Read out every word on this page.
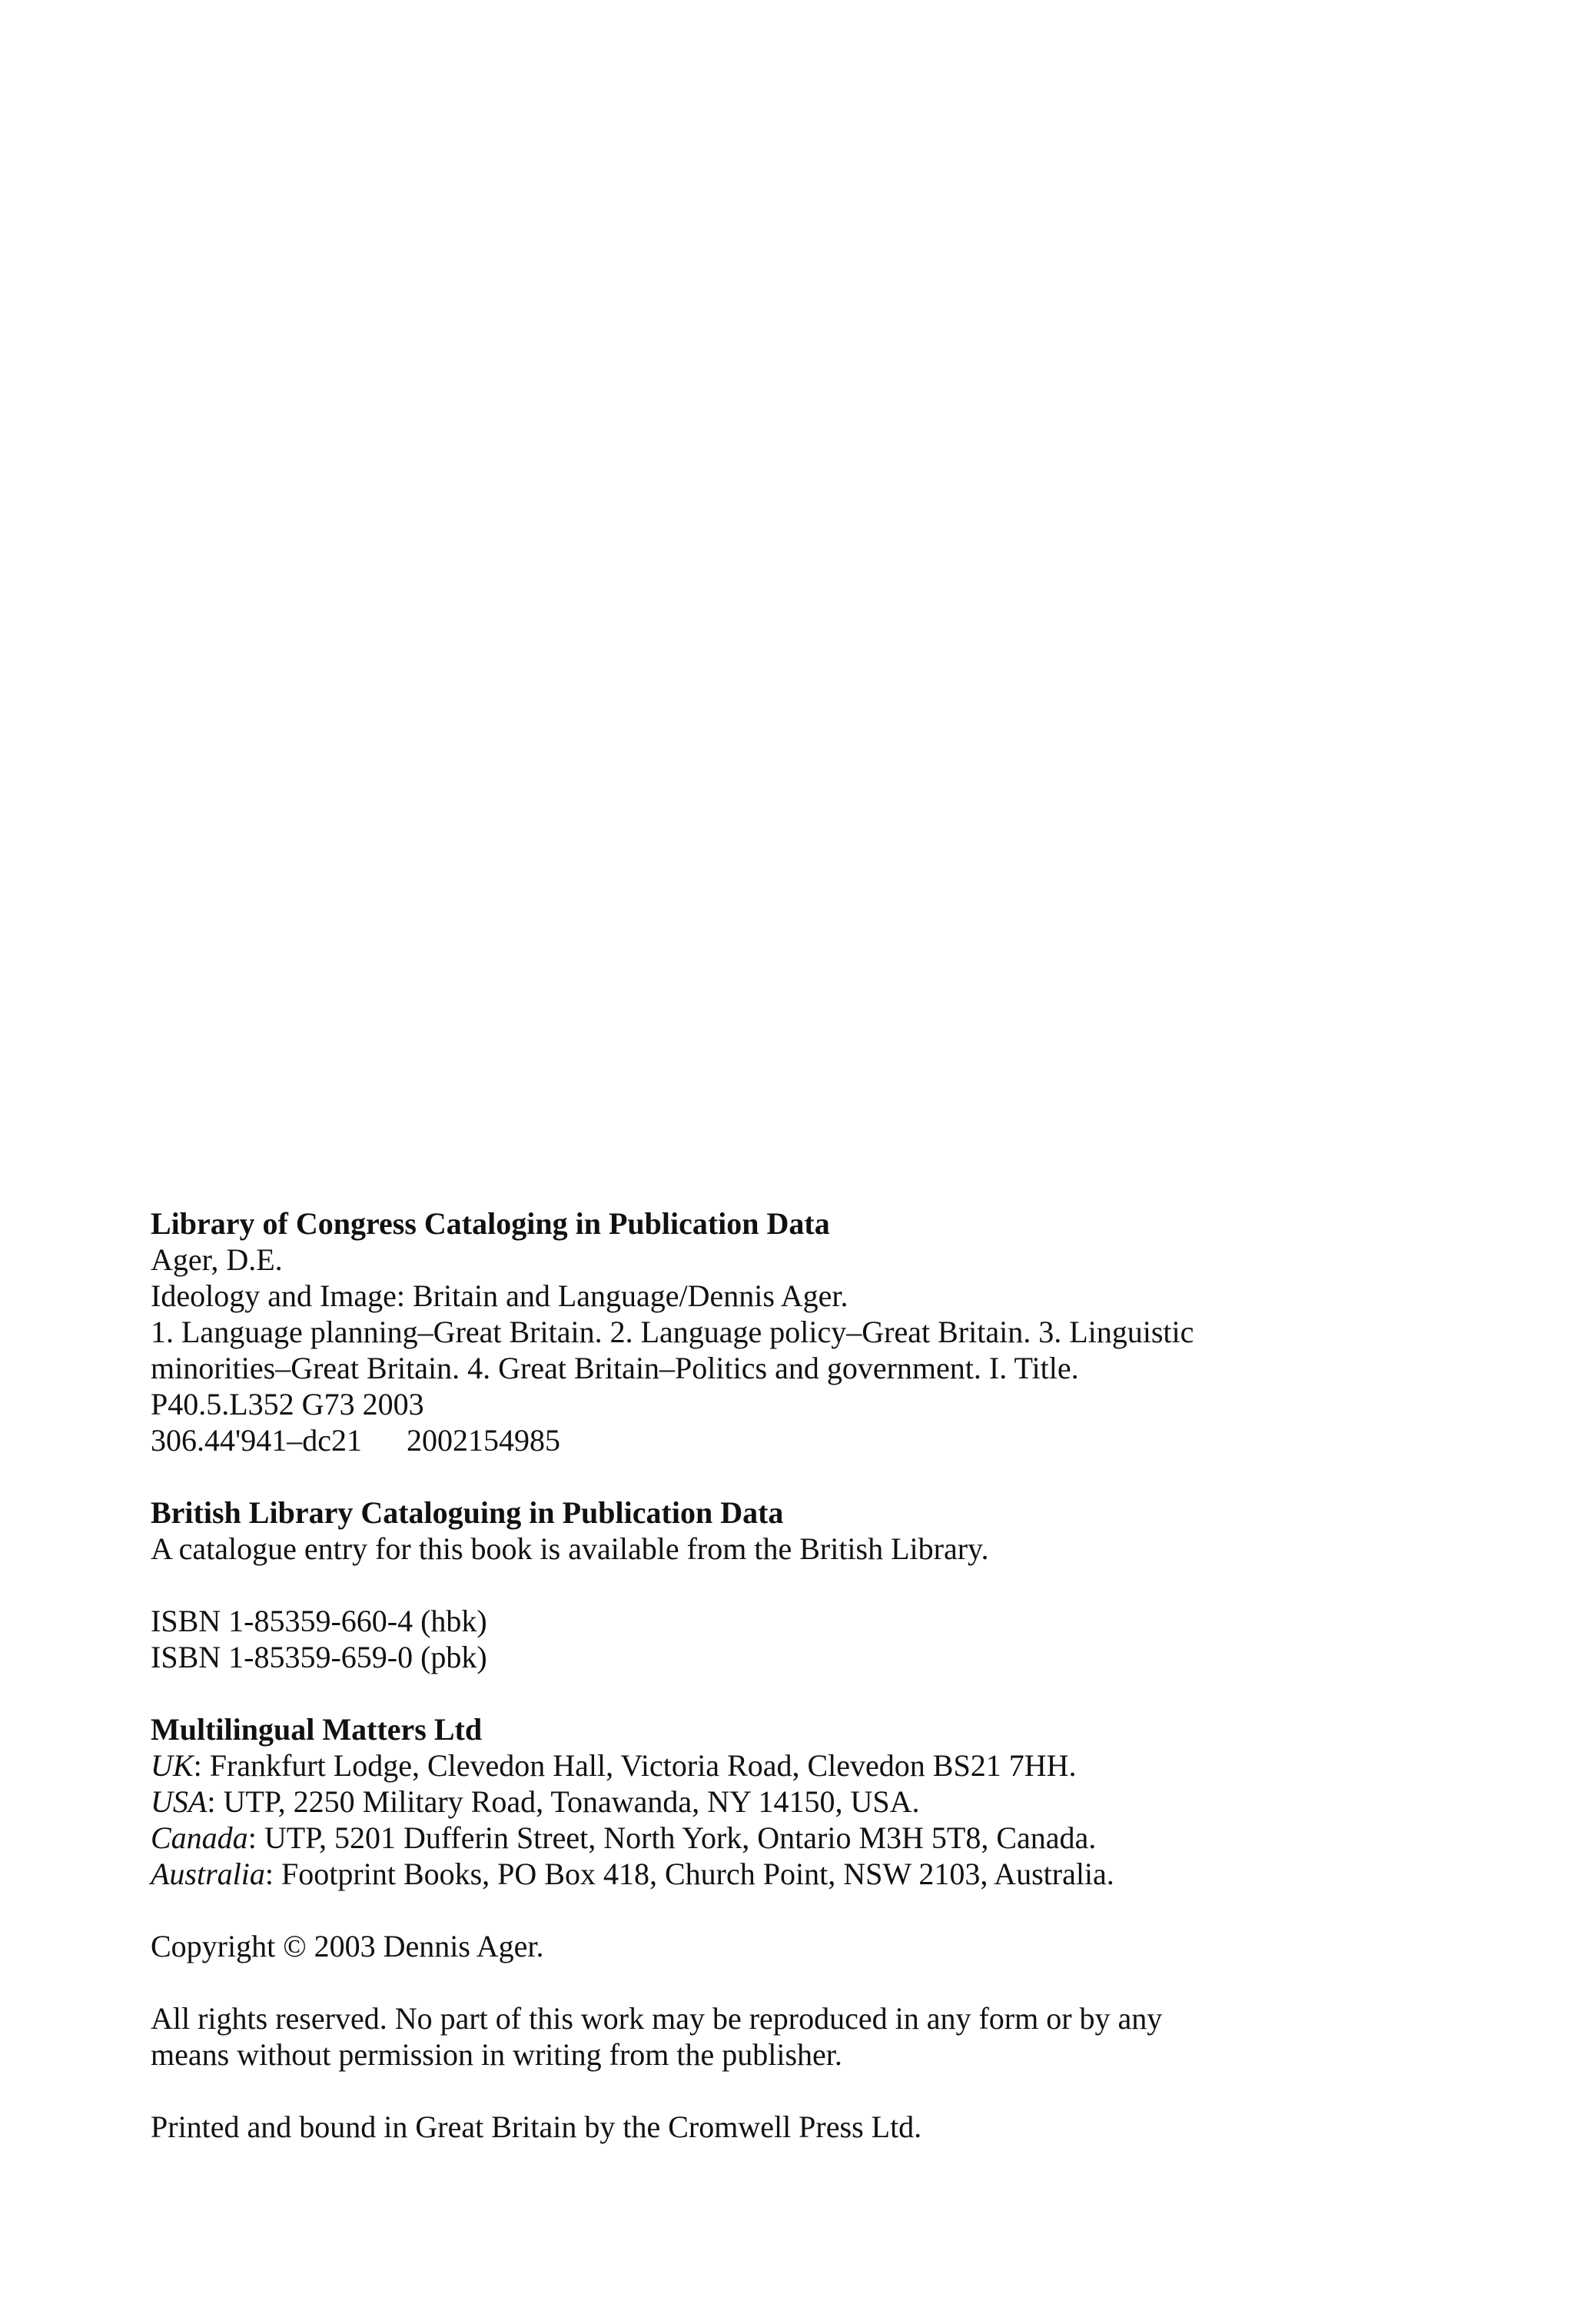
Library of Congress Cataloging in Publication Data
Ager, D.E.
Ideology and Image: Britain and Language/Dennis Ager.
1. Language planning–Great Britain. 2. Language policy–Great Britain. 3. Linguistic
minorities–Great Britain. 4. Great Britain–Politics and government. I. Title.
P40.5.L352 G73 2003
306.44'941–dc21 2002154985
British Library Cataloguing in Publication Data
A catalogue entry for this book is available from the British Library.
ISBN 1-85359-660-4 (hbk)
ISBN 1-85359-659-0 (pbk)
Multilingual Matters Ltd
UK: Frankfurt Lodge, Clevedon Hall, Victoria Road, Clevedon BS21 7HH.
USA: UTP, 2250 Military Road, Tonawanda, NY 14150, USA.
Canada: UTP, 5201 Dufferin Street, North York, Ontario M3H 5T8, Canada.
Australia: Footprint Books, PO Box 418, Church Point, NSW 2103, Australia.
Copyright © 2003 Dennis Ager.
All rights reserved. No part of this work may be reproduced in any form or by any
means without permission in writing from the publisher.
Printed and bound in Great Britain by the Cromwell Press Ltd.
